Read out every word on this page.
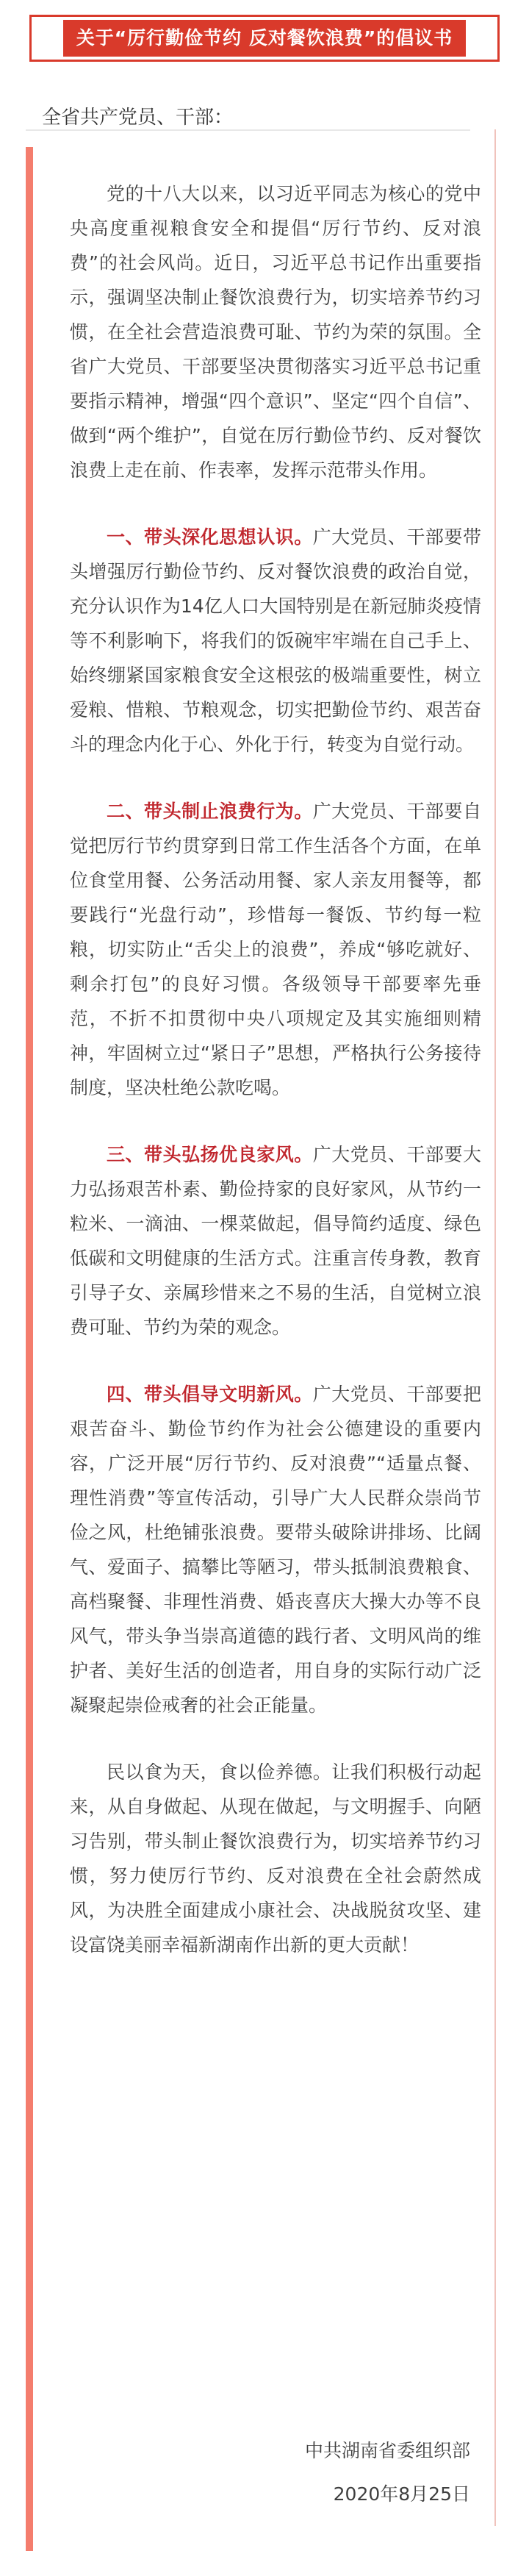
关于“厉行勤俭节约 反对餐饮浪费”的倡议书
全省共产党员、干部：

党的十八大以来，以习近平同志为核心的党中央高度重视粮食安全和提倡“厉行节约、反对浪费”的社会风尚。近日，习近平总书记作出重要指示，强调坚决制止餐饮浪费行为，切实培养节约习惯，在全社会营造浪费可耻、节约为荣的氛围。全省广大党员、干部要坚决贯彻落实习近平总书记重要指示精神，增强“四个意识”、坚定“四个自信”、做到“两个维护”，自觉在厉行勤俭节约、反对餐饮浪费上走在前、作表率，发挥示范带头作用。

一、带头深化思想认识。广大党员、干部要带头增强厉行勤俭节约、反对餐饮浪费的政治自觉，充分认识作为14亿人口大国特别是在新冠肺炎疫情等不利影响下，将我们的饭碗牢牢端在自己手上、始终绷紧国家粮食安全这根弦的极端重要性，树立爱粮、惜粮、节粮观念，切实把勤俭节约、艰苦奋斗的理念内化于心、外化于行，转变为自觉行动。

二、带头制止浪费行为。广大党员、干部要自觉把厉行节约贯穿到日常工作生活各个方面，在单位食堂用餐、公务活动用餐、家人亲友用餐等，都要践行“光盘行动”，珍惜每一餐饭、节约每一粒粮，切实防止“舌尖上的浪费”，养成“够吃就好、剩余打包”的良好习惯。各级领导干部要率先垂范，不折不扣贯彻中央八项规定及其实施细则精神，牢固树立过“紧日子”思想，严格执行公务接待制度，坚决杜绝公款吃喝。

三、带头弘扬优良家风。广大党员、干部要大力弘扬艰苦朴素、勤俭持家的良好家风，从节约一粒米、一滴油、一棵菜做起，倡导简约适度、绿色低碳和文明健康的生活方式。注重言传身教，教育引导子女、亲属珍惜来之不易的生活，自觉树立浪费可耻、节约为荣的观念。

四、带头倡导文明新风。广大党员、干部要把艰苦奋斗、勤俭节约作为社会公德建设的重要内容，广泛开展“厉行节约、反对浪费”“适量点餐、理性消费”等宣传活动，引导广大人民群众崇尚节俭之风，杜绝铺张浪费。要带头破除讲排场、比阔气、爱面子、搞攀比等陋习，带头抵制浪费粮食、高档聚餐、非理性消费、婚丧喜庆大操大办等不良风气，带头争当崇高道德的践行者、文明风尚的维护者、美好生活的创造者，用自身的实际行动广泛凝聚起崇俭戒奢的社会正能量。

民以食为天，食以俭养德。让我们积极行动起来，从自身做起、从现在做起，与文明握手、向陋习告别，带头制止餐饮浪费行为，切实培养节约习惯，努力使厉行节约、反对浪费在全社会蔚然成风，为决胜全面建成小康社会、决战脱贫攻坚、建设富饶美丽幸福新湖南作出新的更大贡献！

中共湖南省委组织部
2020年8月25日
